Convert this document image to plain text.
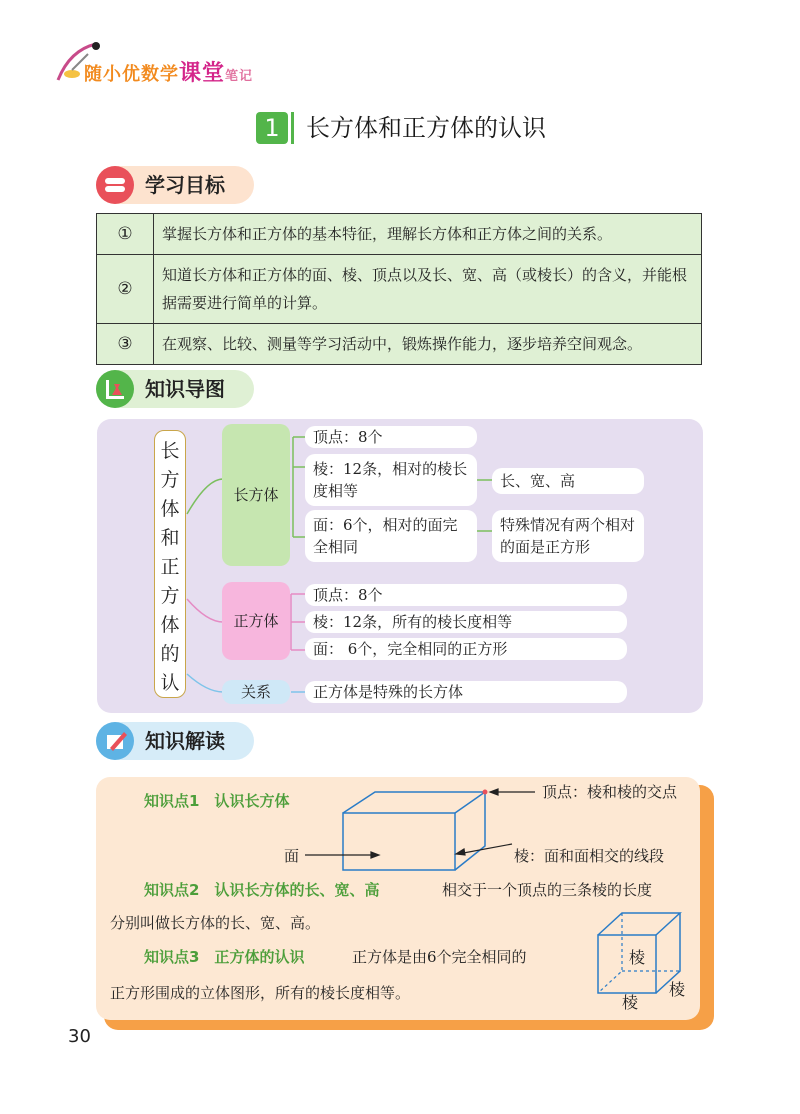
随小优数学课堂笔记
1	长方体和正方体的认识
学习目标
①	掌握长方体和正方体的基本特征，理解长方体和正方体之间的关系。
②	知道长方体和正方体的面、棱、顶点以及长、宽、高（或棱长）的含义，并能根据需要进行简单的计算。
③	在观察、比较、测量等学习活动中，锻炼操作能力，逐步培养空间观念。
知识导图
长
方
体
和
正
方
体
的
认
长方体
顶点：8个
棱：12条，相对的棱长度相等
长、宽、高
面：6个，相对的面完全相同
特殊情况有两个相对的面是正方形
正方体
顶点：8个
棱：12条，所有的棱长度相等
面： 6个，完全相同的正方形
关系	正方体是特殊的长方体
知识解读
知识点1　认识长方体	顶点：棱和棱的交点
面	棱：面和面相交的线段
知识点2　认识长方体的长、宽、高	相交于一个顶点的三条棱的长度
分别叫做长方体的长、宽、高。
知识点3　正方体的认识	正方体是由6个完全相同的
正方形围成的立体图形，所有的棱长度相等。
棱
棱
棱
30
